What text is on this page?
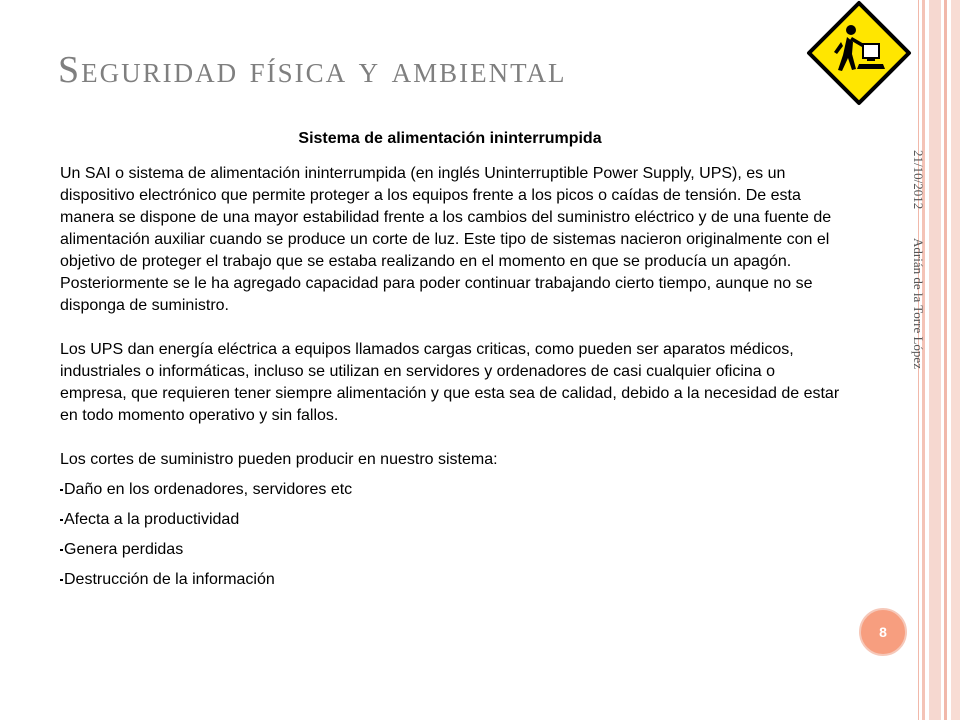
Seguridad física y ambiental
Sistema de alimentación ininterrumpida

Un SAI o sistema de alimentación ininterrumpida (en inglés Uninterruptible Power Supply, UPS), es un dispositivo electrónico que permite proteger a los equipos frente a los picos o caídas de tensión. De esta manera se dispone de una mayor estabilidad frente a los cambios del suministro eléctrico y de una fuente de alimentación auxiliar cuando se produce un corte de luz. Este tipo de sistemas nacieron originalmente con el objetivo de proteger el trabajo que se estaba realizando en el momento en que se producía un apagón. Posteriormente se le ha agregado capacidad para poder continuar trabajando cierto tiempo, aunque no se disponga de suministro.

Los UPS dan energía eléctrica a equipos llamados cargas criticas, como pueden ser aparatos médicos, industriales o informáticas, incluso se utilizan en servidores y ordenadores de casi cualquier oficina o empresa, que requieren tener siempre alimentación y que esta sea de calidad, debido a la necesidad de estar en todo momento operativo y sin fallos.

Los cortes de suministro pueden producir en nuestro sistema:

Daño en los ordenadores, servidores etc

Afecta a la productividad

Genera perdidas

Destrucción de la información

21/10/2012 Adrián de la Torre López
8
